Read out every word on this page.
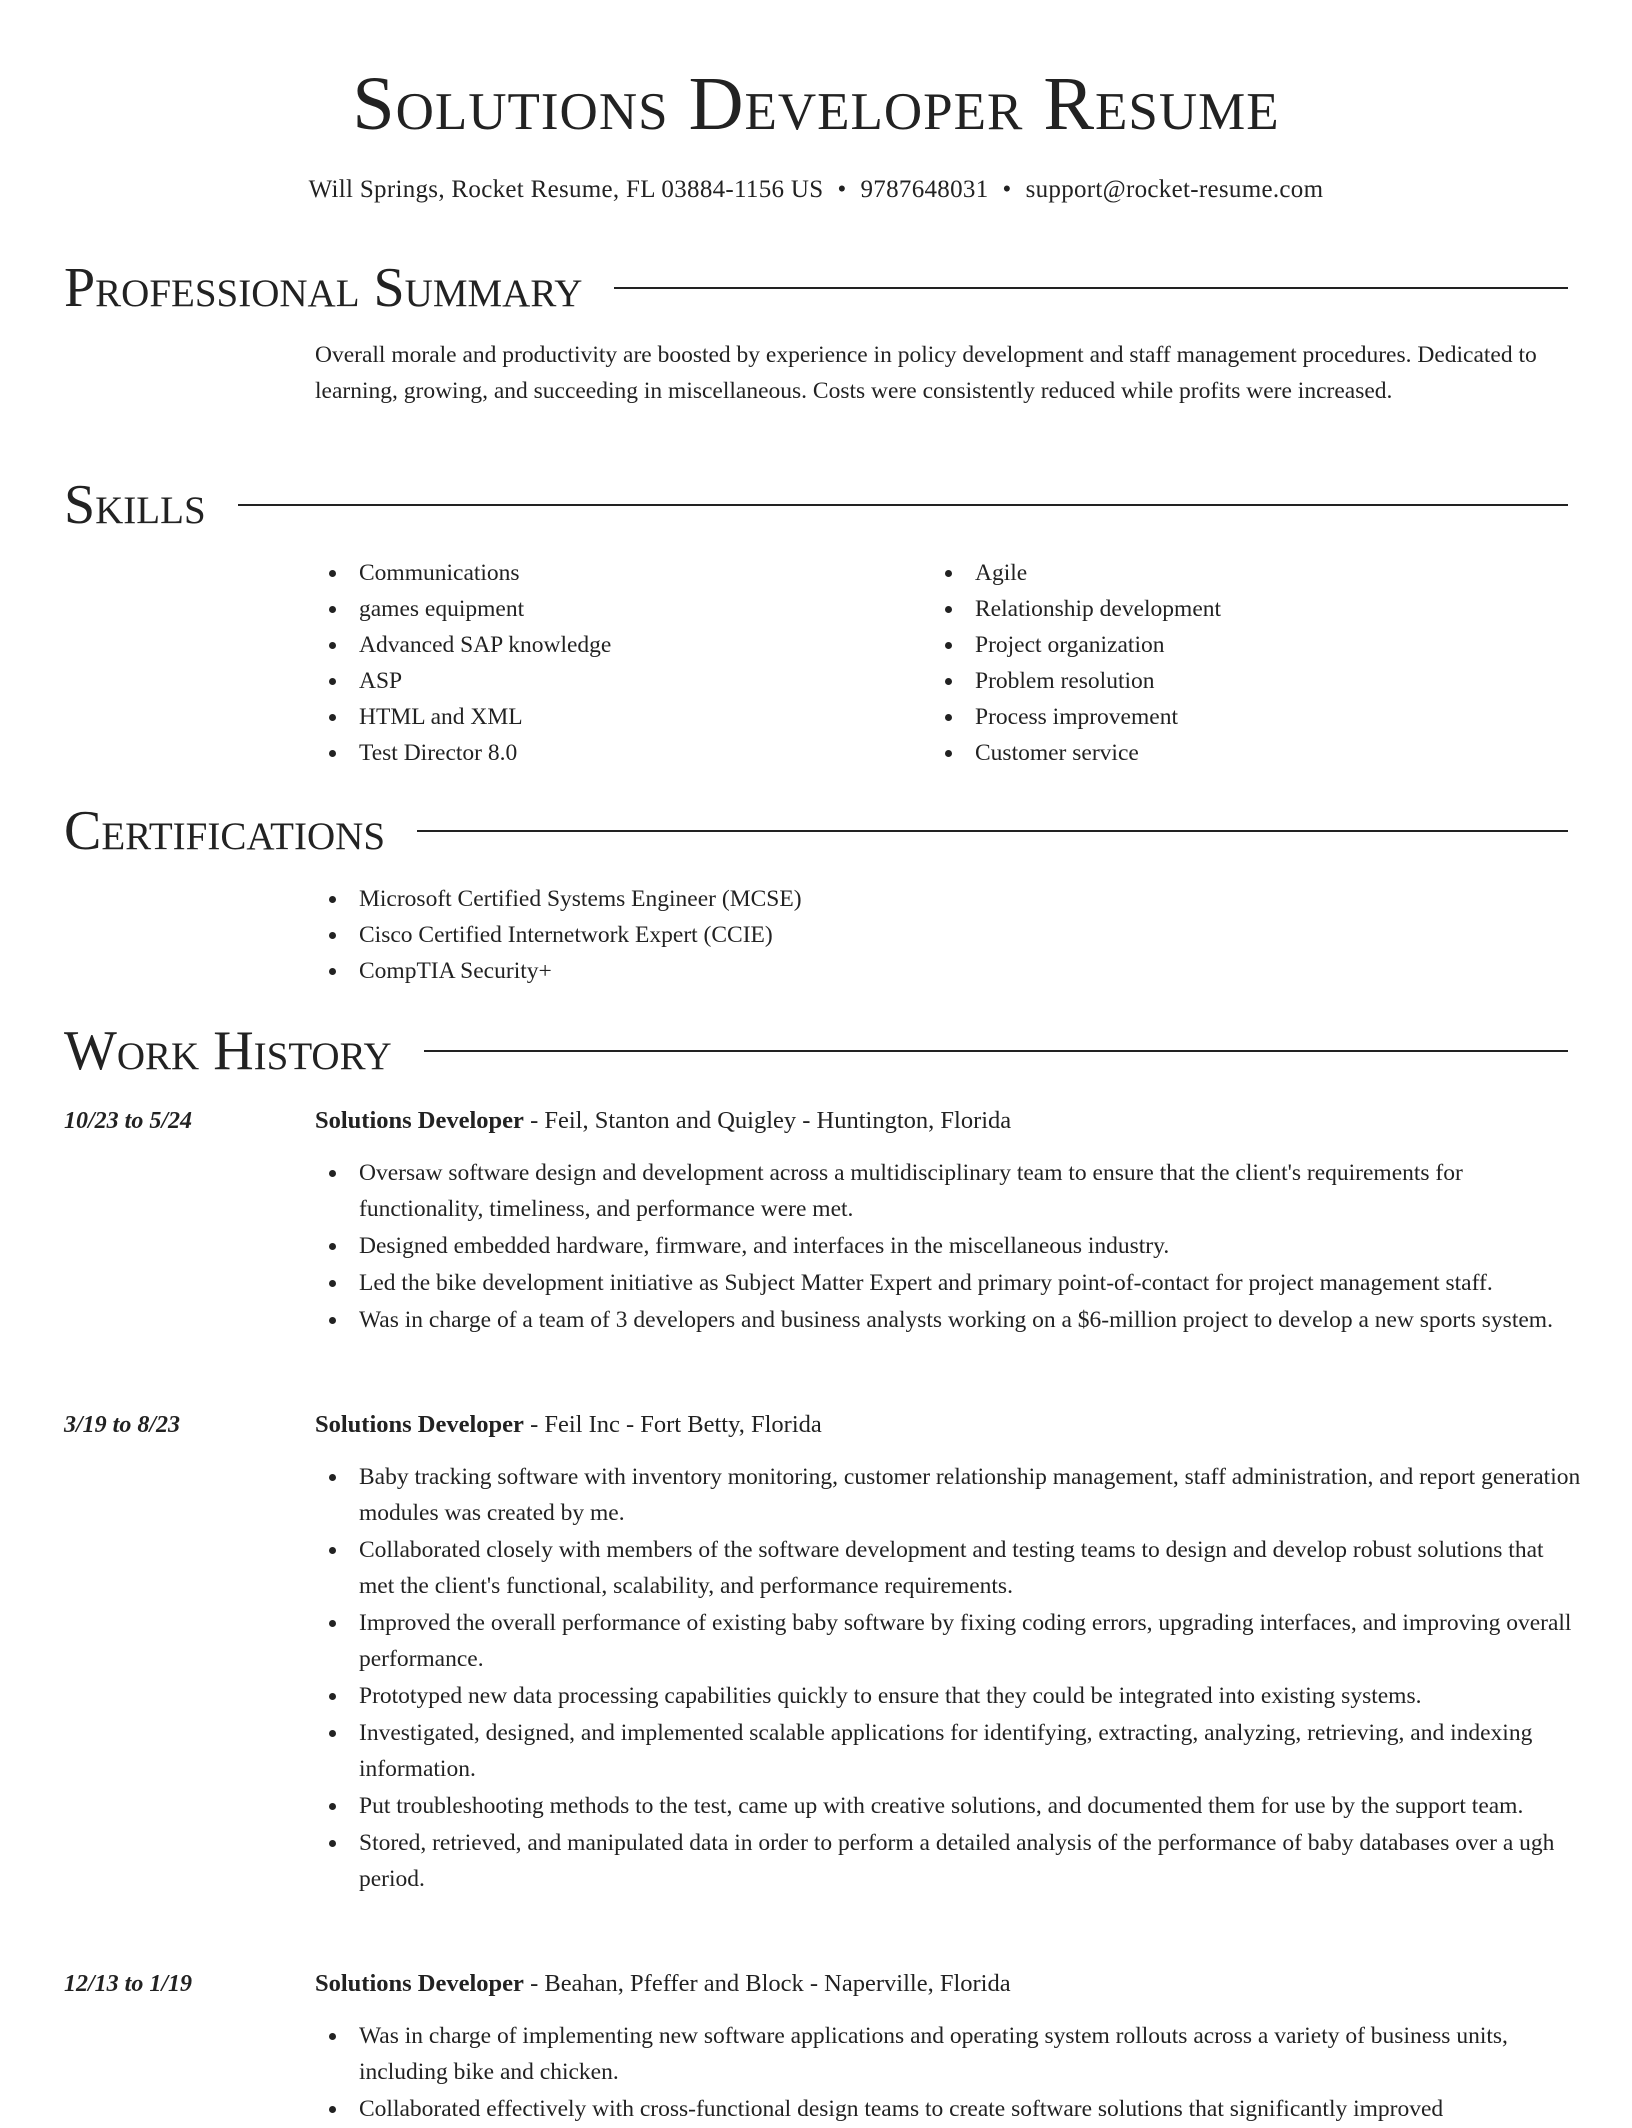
Solutions Developer Resume
Will Springs, Rocket Resume, FL 03884-1156 US • 9787648031 • support@rocket-resume.com
Professional Summary
Overall morale and productivity are boosted by experience in policy development and staff management procedures. Dedicated to learning, growing, and succeeding in miscellaneous. Costs were consistently reduced while profits were increased.
Skills
Communications
games equipment
Advanced SAP knowledge
ASP
HTML and XML
Test Director 8.0
Agile
Relationship development
Project organization
Problem resolution
Process improvement
Customer service
Certifications
Microsoft Certified Systems Engineer (MCSE)
Cisco Certified Internetwork Expert (CCIE)
CompTIA Security+
Work History
10/23 to 5/24	Solutions Developer - Feil, Stanton and Quigley - Huntington, Florida
Oversaw software design and development across a multidisciplinary team to ensure that the client's requirements for functionality, timeliness, and performance were met.
Designed embedded hardware, firmware, and interfaces in the miscellaneous industry.
Led the bike development initiative as Subject Matter Expert and primary point-of-contact for project management staff.
Was in charge of a team of 3 developers and business analysts working on a $6-million project to develop a new sports system.
3/19 to 8/23	Solutions Developer - Feil Inc - Fort Betty, Florida
Baby tracking software with inventory monitoring, customer relationship management, staff administration, and report generation modules was created by me.
Collaborated closely with members of the software development and testing teams to design and develop robust solutions that met the client's functional, scalability, and performance requirements.
Improved the overall performance of existing baby software by fixing coding errors, upgrading interfaces, and improving overall performance.
Prototyped new data processing capabilities quickly to ensure that they could be integrated into existing systems.
Investigated, designed, and implemented scalable applications for identifying, extracting, analyzing, retrieving, and indexing information.
Put troubleshooting methods to the test, came up with creative solutions, and documented them for use by the support team.
Stored, retrieved, and manipulated data in order to perform a detailed analysis of the performance of baby databases over a ugh period.
12/13 to 1/19	Solutions Developer - Beahan, Pfeffer and Block - Naperville, Florida
Was in charge of implementing new software applications and operating system rollouts across a variety of business units, including bike and chicken.
Collaborated effectively with cross-functional design teams to create software solutions that significantly improved
